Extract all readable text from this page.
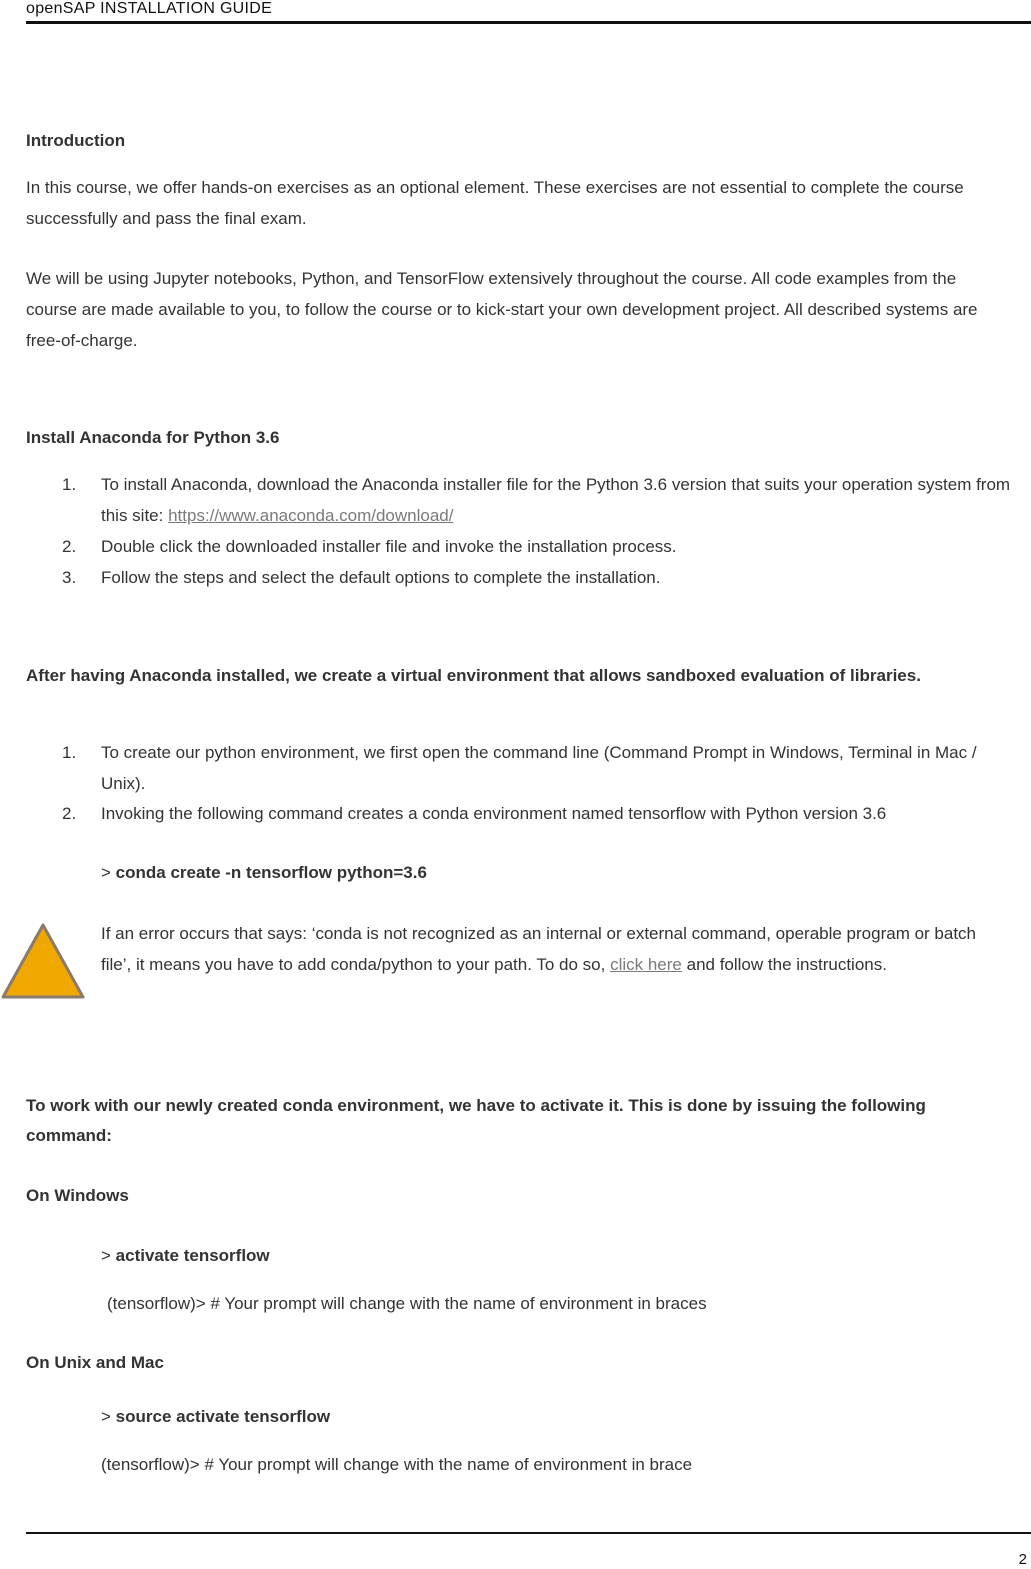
openSAP INSTALLATION GUIDE
Introduction

In this course, we offer hands-on exercises as an optional element. These exercises are not essential to complete the course successfully and pass the final exam.

We will be using Jupyter notebooks, Python, and TensorFlow extensively throughout the course. All code examples from the course are made available to you, to follow the course or to kick-start your own development project. All described systems are free-of-charge.

Install Anaconda for Python 3.6
1. To install Anaconda, download the Anaconda installer file for the Python 3.6 version that suits your operation system from this site: https://www.anaconda.com/download/
2. Double click the downloaded installer file and invoke the installation process.
3. Follow the steps and select the default options to complete the installation.
After having Anaconda installed, we create a virtual environment that allows sandboxed evaluation of libraries.
1. To create our python environment, we first open the command line (Command Prompt in Windows, Terminal in Mac / Unix).
2. Invoking the following command creates a conda environment named tensorflow with Python version 3.6
> conda create -n tensorflow python=3.6

If an error occurs that says: ‘conda is not recognized as an internal or external command, operable program or batch file’, it means you have to add conda/python to your path. To do so, click here and follow the instructions.

To work with our newly created conda environment, we have to activate it. This is done by issuing the following command:
On Windows
> activate tensorflow

(tensorflow)> # Your prompt will change with the name of environment in braces

On Unix and Mac
> source activate tensorflow

(tensorflow)> # Your prompt will change with the name of environment in brace

2
